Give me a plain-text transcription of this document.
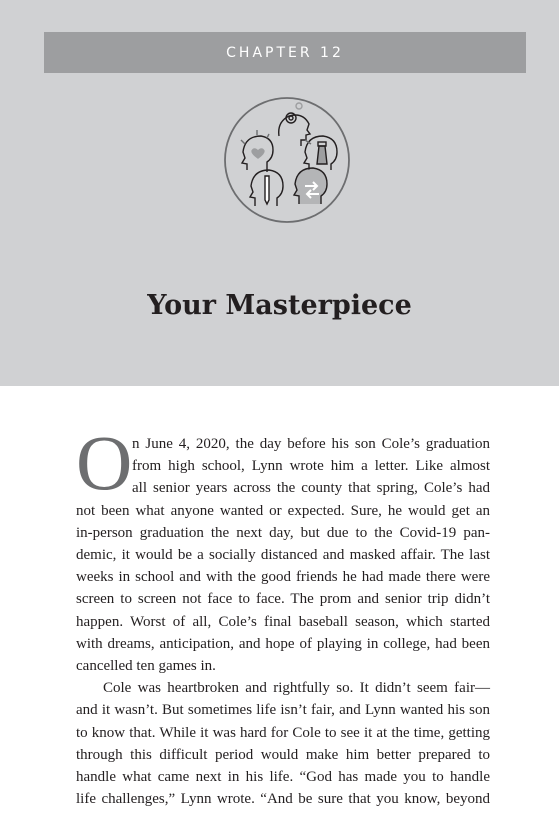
CHAPTER 12
Your Masterpiece
O n June 4, 2020, the day before his son Cole’s graduation
from high school, Lynn wrote him a letter. Like almost
all senior years across the county that spring, Cole’s had
not been what anyone wanted or expected. Sure, he would get an
in-person graduation the next day, but due to the Covid-19 pan-
demic, it would be a socially distanced and masked affair. The last
weeks in school and with the good friends he had made there were
screen to screen not face to face. The prom and senior trip didn’t
happen. Worst of all, Cole’s final baseball season, which started
with dreams, anticipation, and hope of playing in college, had been
cancelled ten games in.
Cole was heartbroken and rightfully so. It didn’t seem fair—
and it wasn’t. But sometimes life isn’t fair, and Lynn wanted his son
to know that. While it was hard for Cole to see it at the time, getting
through this difficult period would make him better prepared to
handle what came next in his life. “God has made you to handle
life challenges,” Lynn wrote. “And be sure that you know, beyond
